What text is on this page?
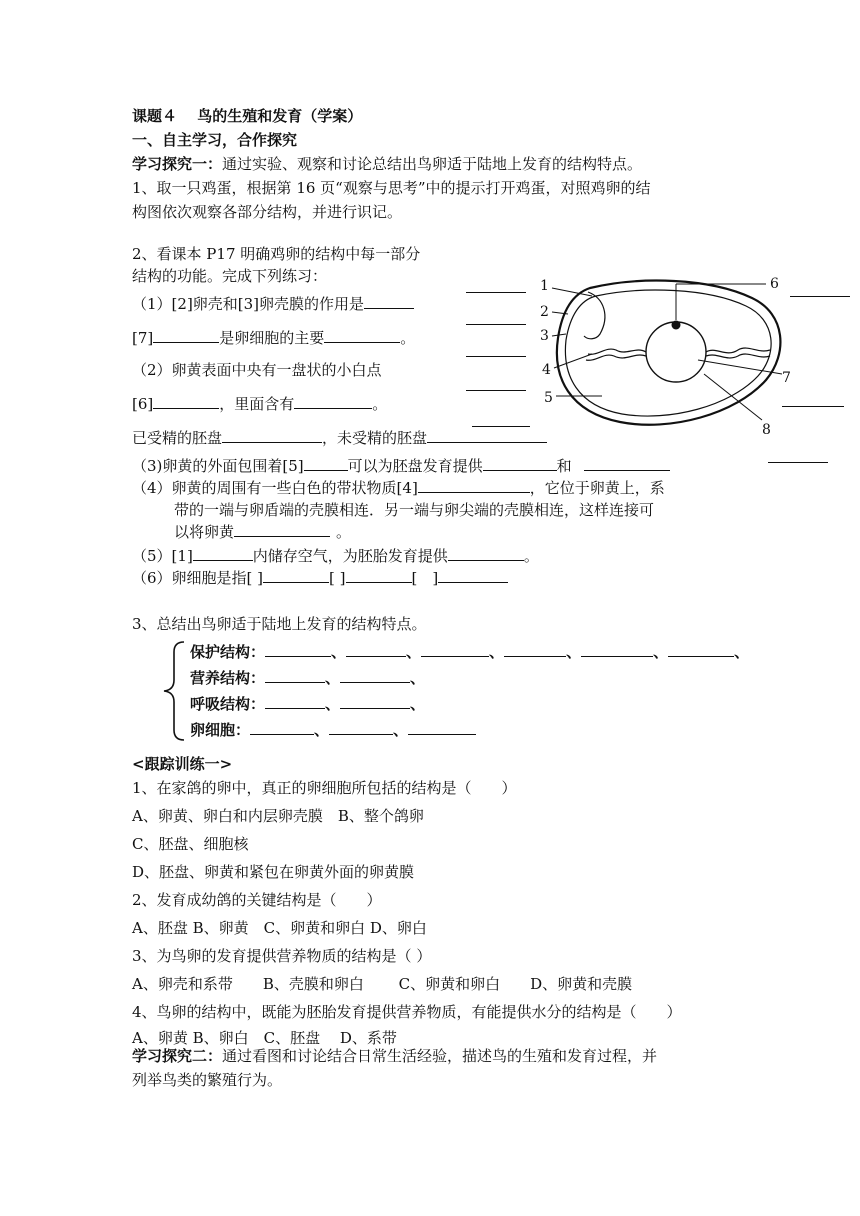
课题４　 鸟的生殖和发育（学案）
一、自主学习，合作探究
学习探究一：通过实验、观察和讨论总结出鸟卵适于陆地上发育的结构特点。
1、取一只鸡蛋，根据第 16 页“观察与思考”中的提示打开鸡蛋，对照鸡卵的结
构图依次观察各部分结构，并进行识记。
2、看课本 P17 明确鸡卵的结构中每一部分
结构的功能。完成下列练习：
（1）[2]卵壳和[3]卵壳膜的作用是
[7]	是卵细胞的主要	。
（2）卵黄表面中央有一盘状的小白点
[6]	，里面含有	。
已受精的胚盘	，未受精的胚盘
（3)卵黄的外面包围着[5]	可以为胚盘发育提供	和
（4）卵黄的周围有一些白色的带状物质[4]	，它位于卵黄上，系
带的一端与卵盾端的壳膜相连．另一端与卵尖端的壳膜相连，这样连接可
以将卵黄	。
（5）[1]	内储存空气，为胚胎发育提供	。
（6）卵细胞是指[ ]	[ ]	[　]
3、总结出鸟卵适于陆地上发育的结构特点。
保护结构：	、	、	、	、	、	、
营养结构：	、	、
呼吸结构：	、	、
卵细胞：	、	、
<跟踪训练一>
1、在家鸽的卵中，真正的卵细胞所包括的结构是（　　）
A、卵黄、卵白和内层卵壳膜　B、整个鸽卵
C、胚盘、细胞核
D、胚盘、卵黄和紧包在卵黄外面的卵黄膜
2、发育成幼鸽的关键结构是（　　）
A、胚盘 B、卵黄　C、卵黄和卵白 D、卵白
3、为鸟卵的发育提供营养物质的结构是（ ）
A、卵壳和系带　　B、壳膜和卵白　　 C、卵黄和卵白　　D、卵黄和壳膜
4、鸟卵的结构中，既能为胚胎发育提供营养物质，有能提供水分的结构是（　　）
A、卵黄 B、卵白　C、胚盘　 D、系带
学习探究二：通过看图和讨论结合日常生活经验，描述鸟的生殖和发育过程，并
列举鸟类的繁殖行为。
1
2
3
4
5
6
7
8
